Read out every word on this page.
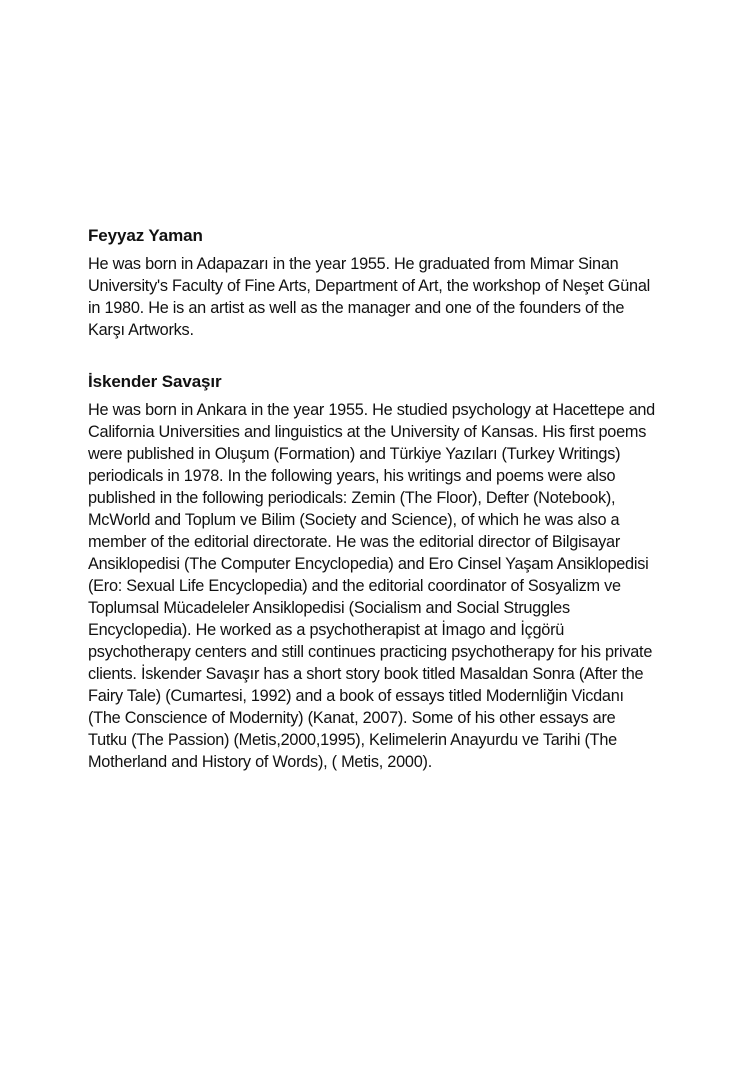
Feyyaz Yaman

He was born in Adapazarı in the year 1955. He graduated from Mimar Sinan University's Faculty of Fine Arts, Department of Art, the workshop of Neşet Günal in 1980. He is an artist as well as the manager and one of the founders of the Karşı Artworks.

İskender Savaşır

He was born in Ankara in the year 1955. He studied psychology at Hacettepe and California Universities and linguistics at the University of Kansas. His first poems were published in Oluşum (Formation) and Türkiye Yazıları (Turkey Writings) periodicals in 1978. In the following years, his writings and poems were also published in the following periodicals: Zemin (The Floor), Defter (Notebook), McWorld and Toplum ve Bilim (Society and Science), of which he was also a member of the editorial directorate. He was the editorial director of Bilgisayar Ansiklopedisi (The Computer Encyclopedia) and Ero Cinsel Yaşam Ansiklopedisi (Ero: Sexual Life Encyclopedia) and the editorial coordinator of Sosyalizm ve Toplumsal Mücadeleler Ansiklopedisi (Socialism and Social Struggles Encyclopedia). He worked as a psychotherapist at İmago and İçgörü psychotherapy centers and still continues practicing psychotherapy for his private clients. İskender Savaşır has a short story book titled Masaldan Sonra (After the Fairy Tale) (Cumartesi, 1992) and a book of essays titled Modernliğin Vicdanı (The Conscience of Modernity) (Kanat, 2007). Some of his other essays are Tutku (The Passion) (Metis,2000,1995), Kelimelerin Anayurdu ve Tarihi (The Motherland and History of Words), ( Metis, 2000).
